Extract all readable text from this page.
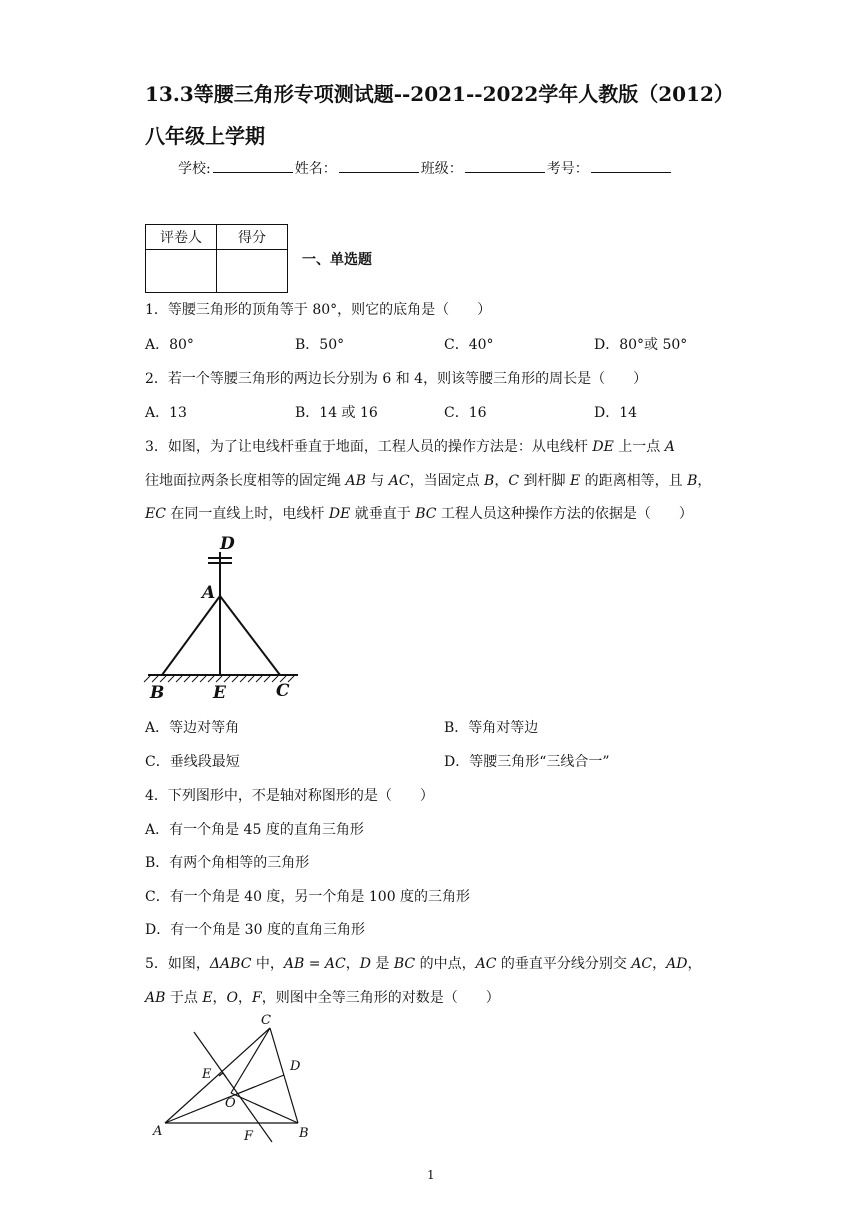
13.3等腰三角形专项测试题--2021--2022学年人教版（2012）
八年级上学期
学校:	姓名：	班级：	考号：
评卷人	得分

一、单选题
1．等腰三角形的顶角等于 80°，则它的底角是（　　）
A．80°	B．50°	C．40°	D．80°或 50°
2．若一个等腰三角形的两边长分别为 6 和 4，则该等腰三角形的周长是（　　）
A．13	B．14 或 16	C．16	D．14
3．如图，为了让电线杆垂直于地面，工程人员的操作方法是：从电线杆 DE 上一点 A
往地面拉两条长度相等的固定绳 AB 与 AC，当固定点 B，C 到杆脚 E 的距离相等，且 B，
EC 在同一直线上时，电线杆 DE 就垂直于 BC 工程人员这种操作方法的依据是（　　）
D
A
B	E	C
A．等边对等角	B．等角对等边
C．垂线段最短	D．等腰三角形“三线合一”
4．下列图形中，不是轴对称图形的是（　　）
A．有一个角是 45 度的直角三角形
B．有两个角相等的三角形
C．有一个角是 40 度，另一个角是 100 度的三角形
D．有一个角是 30 度的直角三角形
5．如图，ΔABC 中，AB = AC，D 是 BC 的中点，AC 的垂直平分线分别交 AC，AD，
AB 于点 E，O，F，则图中全等三角形的对数是（　　）
C
D
E
O
A	F	B
1
